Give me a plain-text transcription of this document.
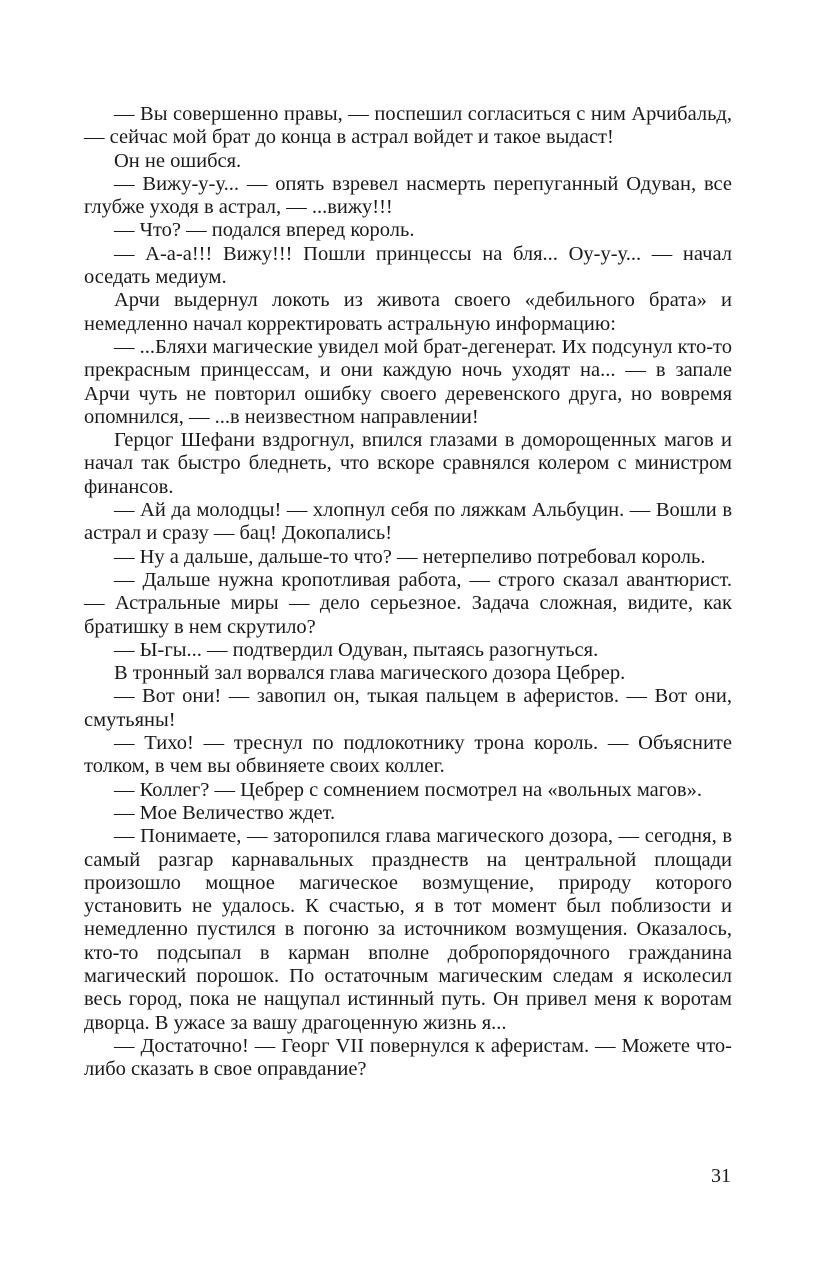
— Вы совершенно правы, — поспешил согласиться с ним Арчибальд, — сейчас мой брат до конца в астрал войдет и такое выдаст!

Он не ошибся.

— Вижу-у-у... — опять взревел насмерть перепуганный Одуван, все глубже уходя в астрал, — ...вижу!!!

— Что? — подался вперед король.

— А-а-а!!! Вижу!!! Пошли принцессы на бля... Оу-у-у... — начал оседать медиум.

Арчи выдернул локоть из живота своего «дебильного брата» и немедленно начал корректировать астральную информацию:

— ...Бляхи магические увидел мой брат-дегенерат. Их подсунул кто-то прекрасным принцессам, и они каждую ночь уходят на... — в запале Арчи чуть не повторил ошибку своего деревенского друга, но вовремя опомнился, — ...в неизвестном направлении!

Герцог Шефани вздрогнул, впился глазами в доморощенных магов и начал так быстро бледнеть, что вскоре сравнялся колером с министром финансов.

— Ай да молодцы! — хлопнул себя по ляжкам Альбуцин. — Вошли в астрал и сразу — бац! Докопались!

— Ну а дальше, дальше-то что? — нетерпеливо потребовал король.

— Дальше нужна кропотливая работа, — строго сказал авантюрист. — Астральные миры — дело серьезное. Задача сложная, видите, как братишку в нем скрутило?

— Ы-гы... — подтвердил Одуван, пытаясь разогнуться.

В тронный зал ворвался глава магического дозора Цебрер.

— Вот они! — завопил он, тыкая пальцем в аферистов. — Вот они, смутьяны!

— Тихо! — треснул по подлокотнику трона король. — Объясните толком, в чем вы обвиняете своих коллег.

— Коллег? — Цебрер с сомнением посмотрел на «вольных магов».

— Мое Величество ждет.

— Понимаете, — заторопился глава магического дозора, — сегодня, в самый разгар карнавальных празднеств на центральной площади произошло мощное магическое возмущение, природу которого установить не удалось. К счастью, я в тот момент был поблизости и немедленно пустился в погоню за источником возмущения. Оказалось, кто-то подсыпал в карман вполне добропорядочного гражданина магический порошок. По остаточным магическим следам я исколесил весь город, пока не нащупал истинный путь. Он привел меня к воротам дворца. В ужасе за вашу драгоценную жизнь я...

— Достаточно! — Георг VII повернулся к аферистам. — Можете что-либо сказать в свое оправдание?

31
